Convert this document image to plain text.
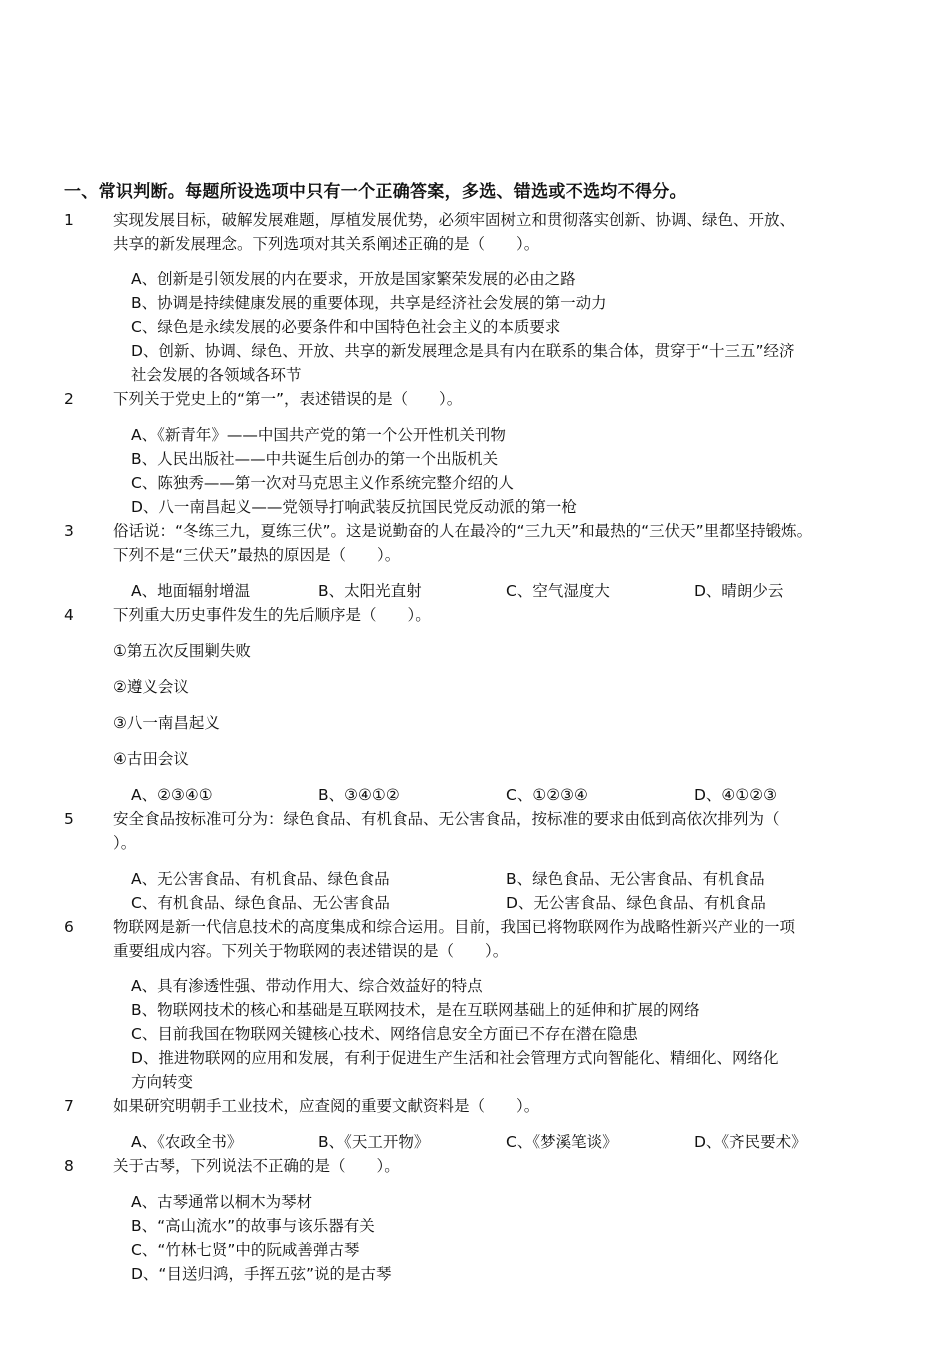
一、常识判断。每题所设选项中只有一个正确答案，多选、错选或不选均不得分。
1	实现发展目标，破解发展难题，厚植发展优势，必须牢固树立和贯彻落实创新、协调、绿色、开放、
共享的新发展理念。下列选项对其关系阐述正确的是（　　）。
A、创新是引领发展的内在要求，开放是国家繁荣发展的必由之路
B、协调是持续健康发展的重要体现，共享是经济社会发展的第一动力
C、绿色是永续发展的必要条件和中国特色社会主义的本质要求
D、创新、协调、绿色、开放、共享的新发展理念是具有内在联系的集合体，贯穿于“十三五”经济
社会发展的各领域各环节
2	下列关于党史上的“第一”，表述错误的是（　　）。
A、《新青年》——中国共产党的第一个公开性机关刊物
B、人民出版社——中共诞生后创办的第一个出版机关
C、陈独秀——第一次对马克思主义作系统完整介绍的人
D、八一南昌起义——党领导打响武装反抗国民党反动派的第一枪
3	俗话说：“冬练三九，夏练三伏”。这是说勤奋的人在最冷的“三九天”和最热的“三伏天”里都坚持锻炼。
下列不是“三伏天”最热的原因是（　　）。
A、地面辐射增温	B、太阳光直射	C、空气湿度大	D、晴朗少云
4	下列重大历史事件发生的先后顺序是（　　）。
①第五次反围剿失败
②遵义会议
③八一南昌起义
④古田会议
A、②③④①	B、③④①②	C、①②③④	D、④①②③
5	安全食品按标准可分为：绿色食品、有机食品、无公害食品，按标准的要求由低到高依次排列为（
）。
A、无公害食品、有机食品、绿色食品	B、绿色食品、无公害食品、有机食品
C、有机食品、绿色食品、无公害食品	D、无公害食品、绿色食品、有机食品
6	物联网是新一代信息技术的高度集成和综合运用。目前，我国已将物联网作为战略性新兴产业的一项
重要组成内容。下列关于物联网的表述错误的是（　　）。
A、具有渗透性强、带动作用大、综合效益好的特点
B、物联网技术的核心和基础是互联网技术，是在互联网基础上的延伸和扩展的网络
C、目前我国在物联网关键核心技术、网络信息安全方面已不存在潜在隐患
D、推进物联网的应用和发展，有利于促进生产生活和社会管理方式向智能化、精细化、网络化
方向转变
7	如果研究明朝手工业技术，应查阅的重要文献资料是（　　）。
A、《农政全书》	B、《天工开物》	C、《梦溪笔谈》	D、《齐民要术》
8	关于古琴，下列说法不正确的是（　　）。
A、古琴通常以桐木为琴材
B、“高山流水”的故事与该乐器有关
C、“竹林七贤”中的阮咸善弹古琴
D、“目送归鸿，手挥五弦”说的是古琴
